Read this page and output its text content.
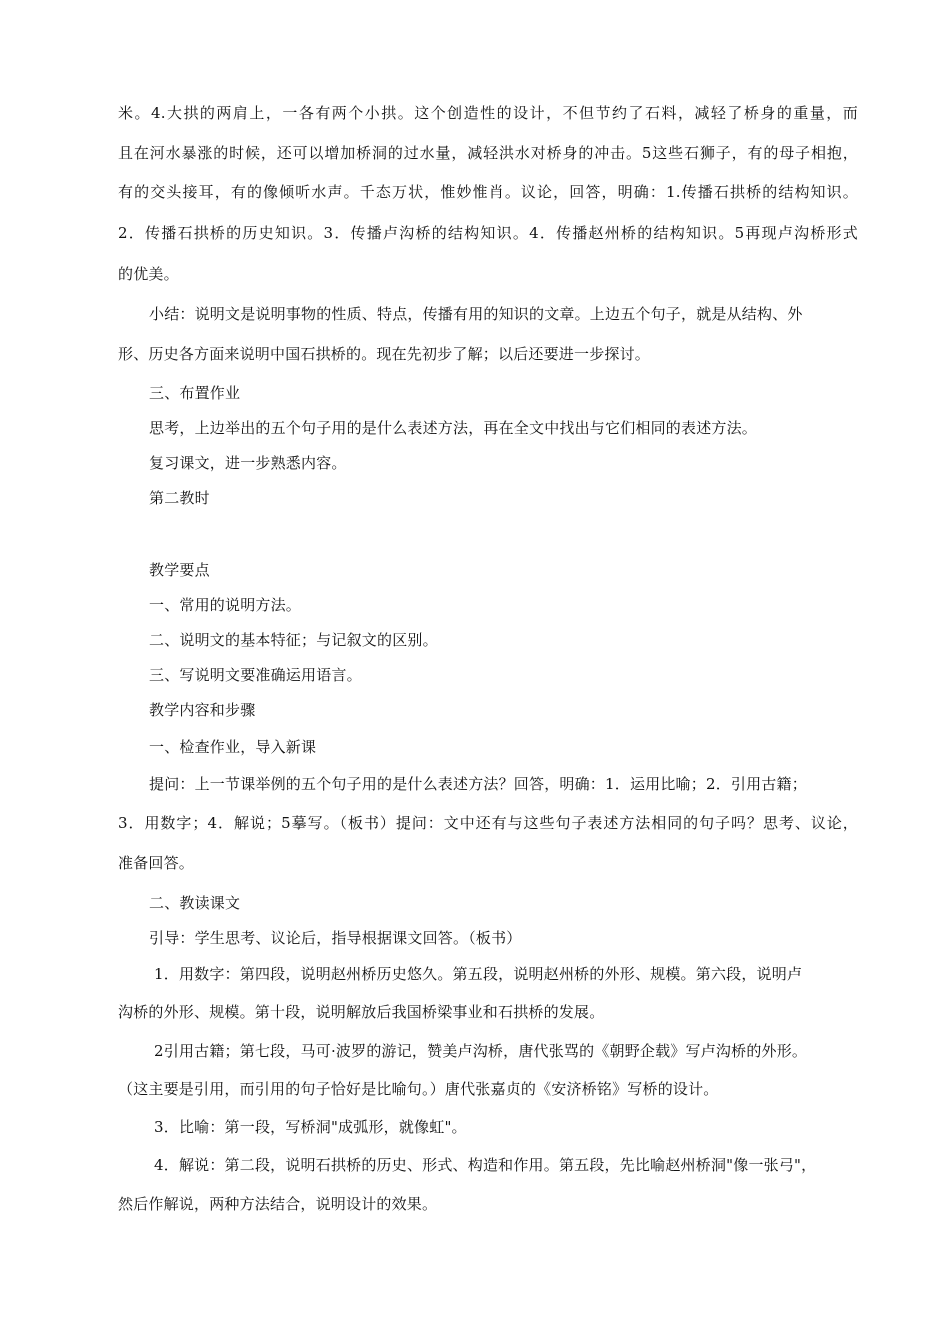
米。4.大拱的两肩上，一各有两个小拱。这个创造性的设计，不但节约了石料，减轻了桥身的重量，而
且在河水暴涨的时候，还可以增加桥洞的过水量，减轻洪水对桥身的冲击。5这些石狮子，有的母子相抱，
有的交头接耳，有的像倾听水声。千态万状，惟妙惟肖。议论，回答，明确：1.传播石拱桥的结构知识。
2．传播石拱桥的历史知识。3．传播卢沟桥的结构知识。4．传播赵州桥的结构知识。5再现卢沟桥形式
的优美。
小结：说明文是说明事物的性质、特点，传播有用的知识的文章。上边五个句子，就是从结构、外
形、历史各方面来说明中国石拱桥的。现在先初步了解；以后还要进一步探讨。
三、布置作业
思考，上边举出的五个句子用的是什么表述方法，再在全文中找出与它们相同的表述方法。
复习课文，进一步熟悉内容。
第二教时
教学要点
一、常用的说明方法。
二、说明文的基本特征；与记叙文的区别。
三、写说明文要准确运用语言。
教学内容和步骤
一、检查作业，导入新课
提问：上一节课举例的五个句子用的是什么表述方法？回答，明确：1．运用比喻；2．引用古籍；
3．用数字；4．解说；5摹写。（板书）提问：文中还有与这些句子表述方法相同的句子吗？思考、议论，
准备回答。
二、教读课文
引导：学生思考、议论后，指导根据课文回答。（板书）
1．用数字：第四段，说明赵州桥历史悠久。第五段，说明赵州桥的外形、规模。第六段，说明卢
沟桥的外形、规模。第十段，说明解放后我国桥梁事业和石拱桥的发展。
2引用古籍；第七段，马可·波罗的游记，赞美卢沟桥，唐代张骂的《朝野企载》写卢沟桥的外形。
（这主要是引用，而引用的句子恰好是比喻句。）唐代张嘉贞的《安济桥铭》写桥的设计。
3．比喻：第一段，写桥洞"成弧形，就像虹"。
4．解说：第二段，说明石拱桥的历史、形式、构造和作用。第五段，先比喻赵州桥洞"像一张弓"，
然后作解说，两种方法结合，说明设计的效果。
